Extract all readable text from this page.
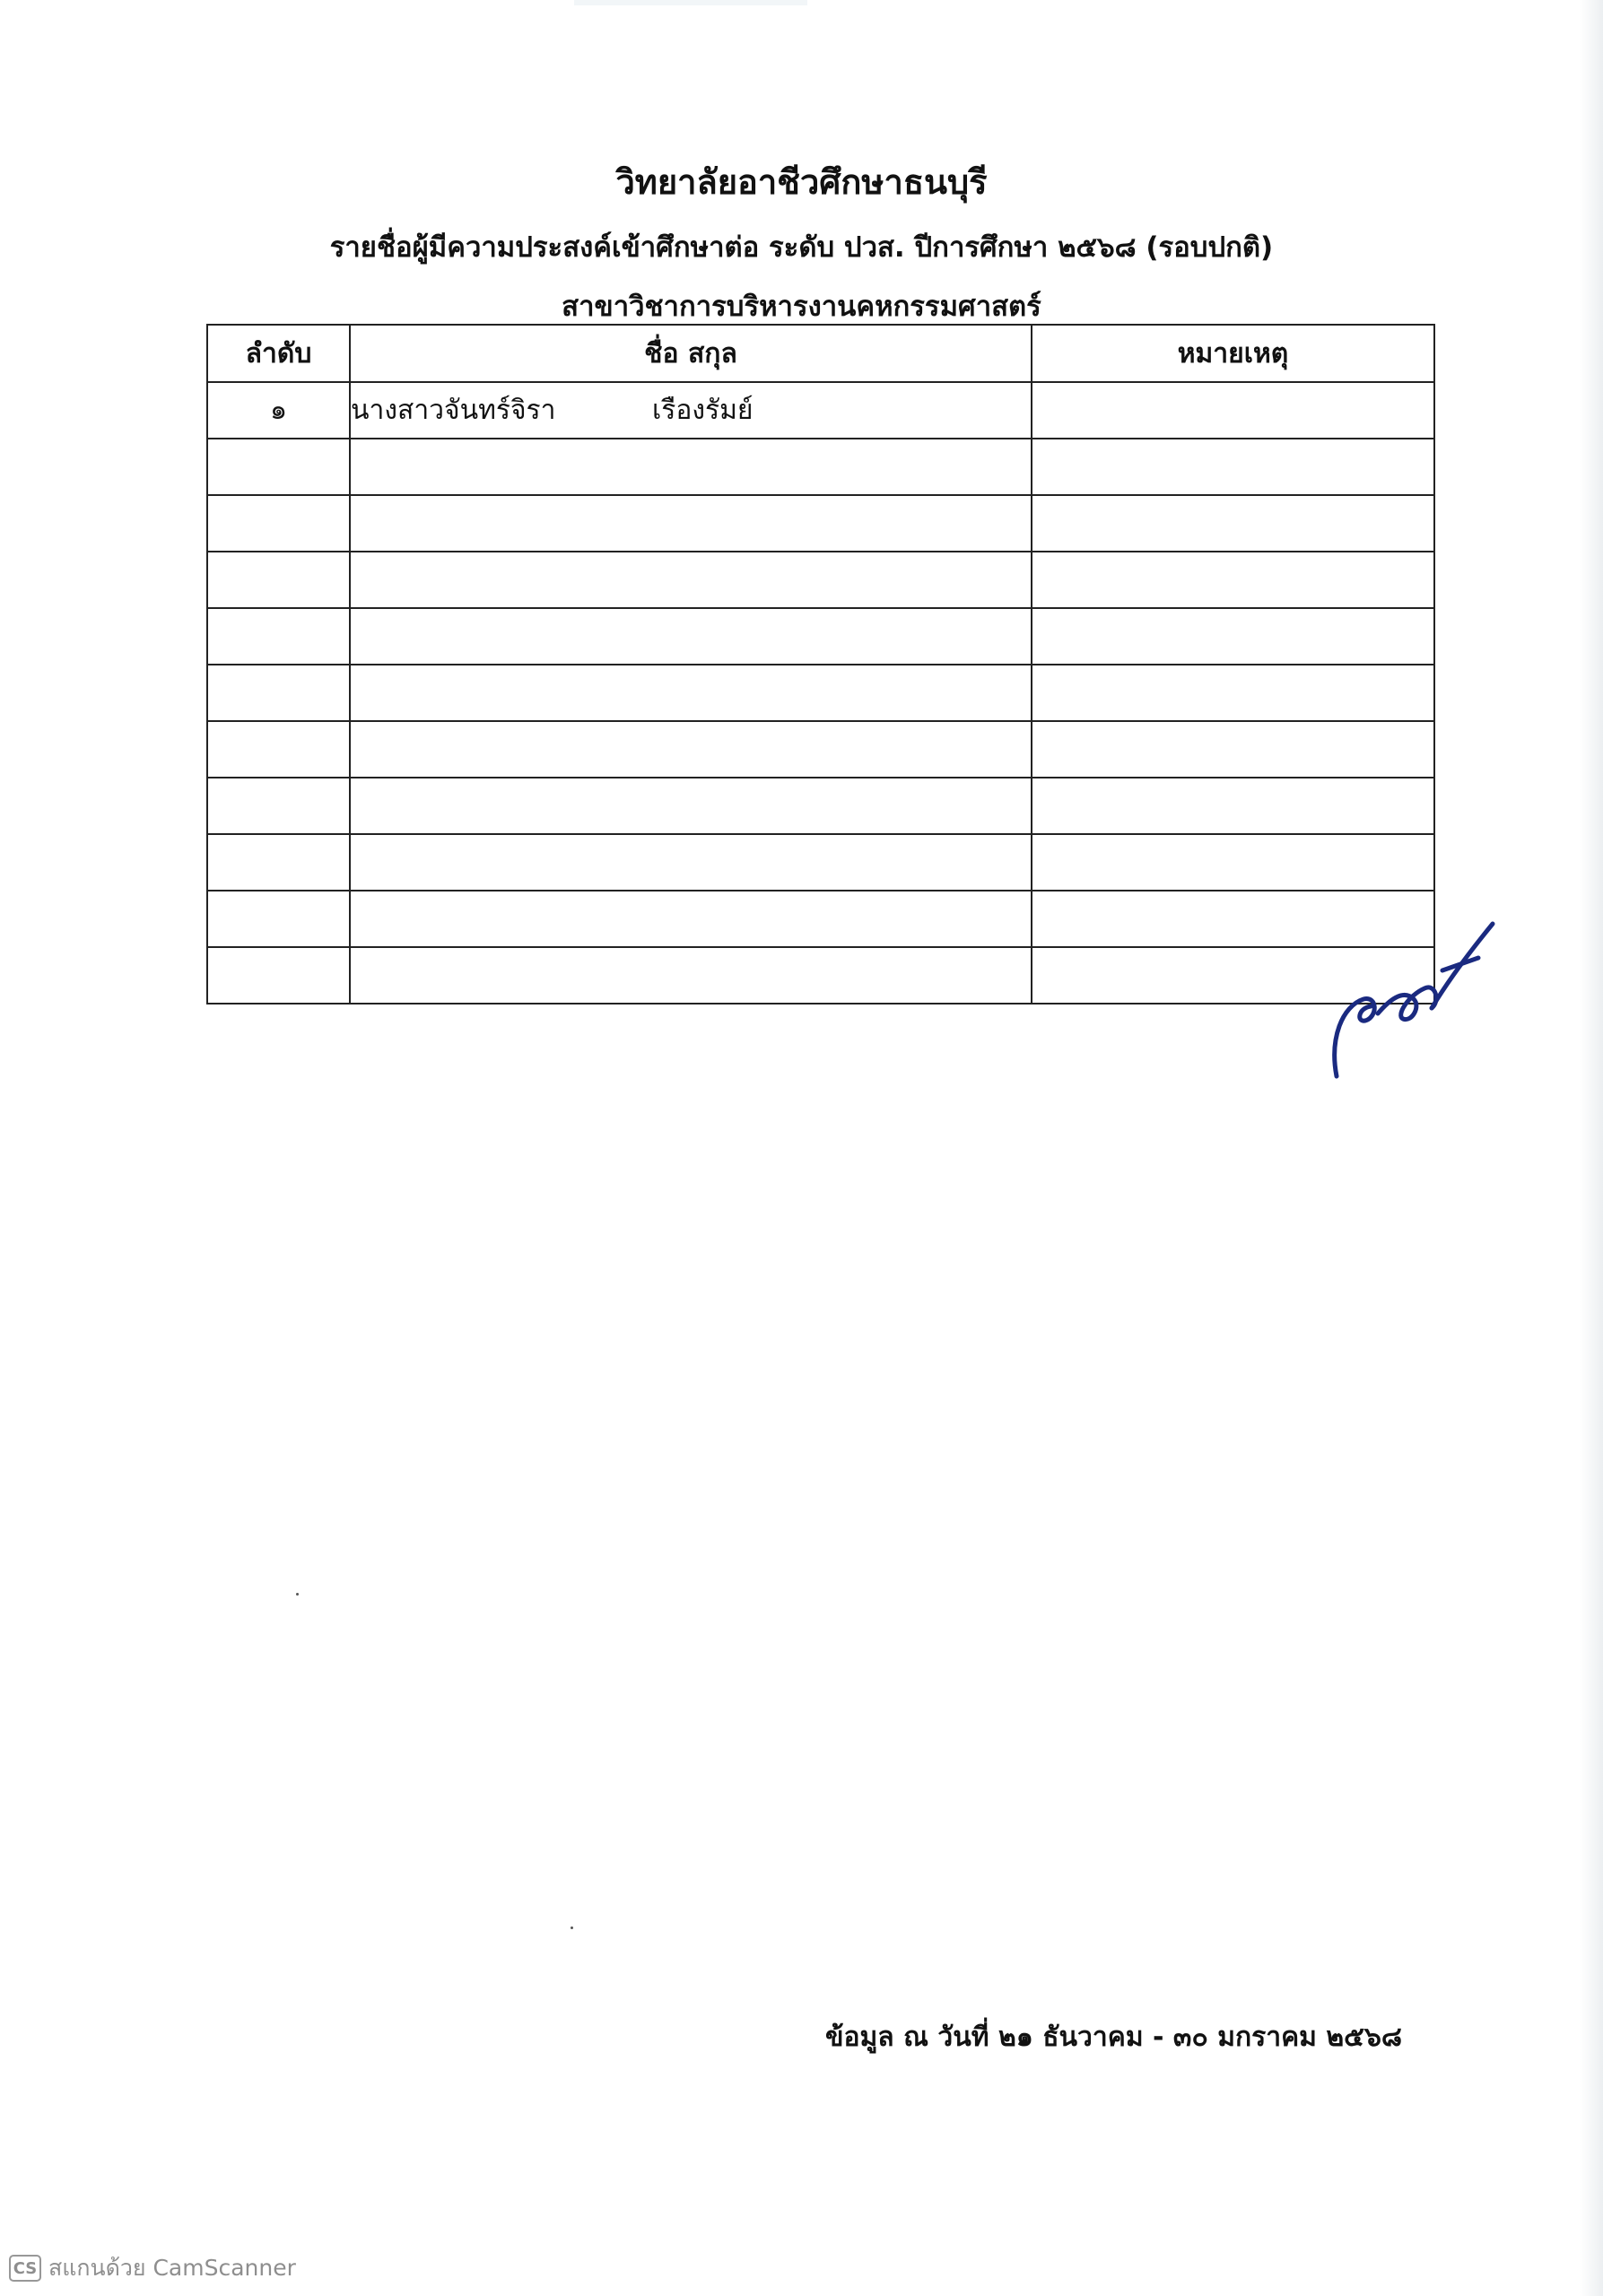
วิทยาลัยอาชีวศึกษาธนบุรี
รายชื่อผู้มีความประสงค์เข้าศึกษาต่อ ระดับ ปวส. ปีการศึกษา ๒๕๖๘ (รอบปกติ)
สาขาวิชาการบริหารงานคหกรรมศาสตร์
ลำดับ	ชื่อ สกุล	หมายเหตุ
๑	นางสาวจันทร์จิรา เรืองรัมย์	

ข้อมูล ณ วันที่ ๒๑ ธันวาคม - ๓๐ มกราคม ๒๕๖๘
CS สแกนด้วย CamScanner
